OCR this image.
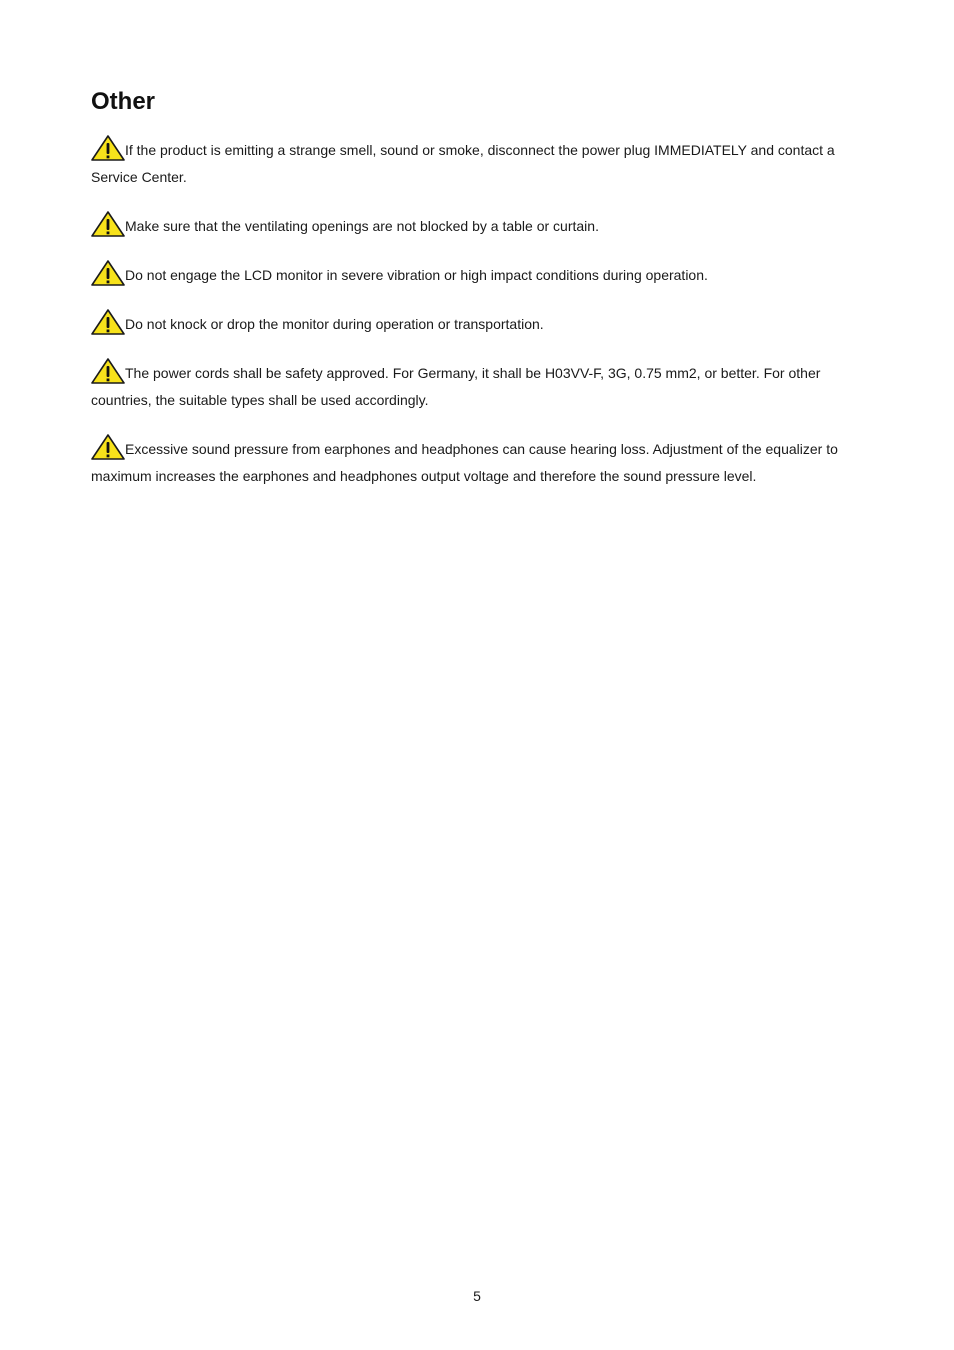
Other
If the product is emitting a strange smell, sound or smoke, disconnect the power plug IMMEDIATELY and contact a Service Center.
Make sure that the ventilating openings are not blocked by a table or curtain.
Do not engage the LCD monitor in severe vibration or high impact conditions during operation.
Do not knock or drop the monitor during operation or transportation.
The power cords shall be safety approved. For Germany, it shall be H03VV-F, 3G, 0.75 mm2, or better. For other countries, the suitable types shall be used accordingly.
Excessive sound pressure from earphones and headphones can cause hearing loss. Adjustment of the equalizer to maximum increases the earphones and headphones output voltage and therefore the sound pressure level.
5
